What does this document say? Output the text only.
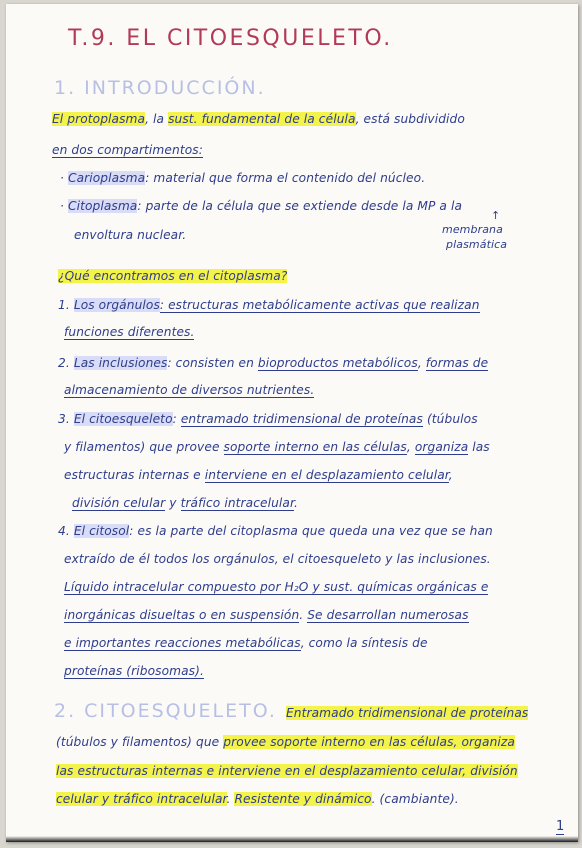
T.9. EL CITOESQUELETO.
1. INTRODUCCIÓN.
El protoplasma, la sust. fundamental de la célula, está subdividido
en dos compartimentos:
· Carioplasma: material que forma el contenido del núcleo.
· Citoplasma: parte de la célula que se extiende desde la MP a la
↑
envoltura nuclear.	membrana
plasmática
¿Qué encontramos en el citoplasma?
1. Los orgánulos: estructuras metabólicamente activas que realizan
funciones diferentes.
2. Las inclusiones: consisten en bioproductos metabólicos, formas de
almacenamiento de diversos nutrientes.
3. El citoesqueleto: entramado tridimensional de proteínas (túbulos
y filamentos) que provee soporte interno en las células, organiza las
estructuras internas e interviene en el desplazamiento celular,
división celular y tráfico intracelular.
4. El citosol: es la parte del citoplasma que queda una vez que se han
extraído de él todos los orgánulos, el citoesqueleto y las inclusiones.
Líquido intracelular compuesto por H₂O y sust. químicas orgánicas e
inorgánicas disueltas o en suspensión. Se desarrollan numerosas
e importantes reacciones metabólicas, como la síntesis de
proteínas (ribosomas).
2. CITOESQUELETO. Entramado tridimensional de proteínas
(túbulos y filamentos) que provee soporte interno en las células, organiza
las estructuras internas e interviene en el desplazamiento celular, división
celular y tráfico intracelular. Resistente y dinámico. (cambiante).
1
